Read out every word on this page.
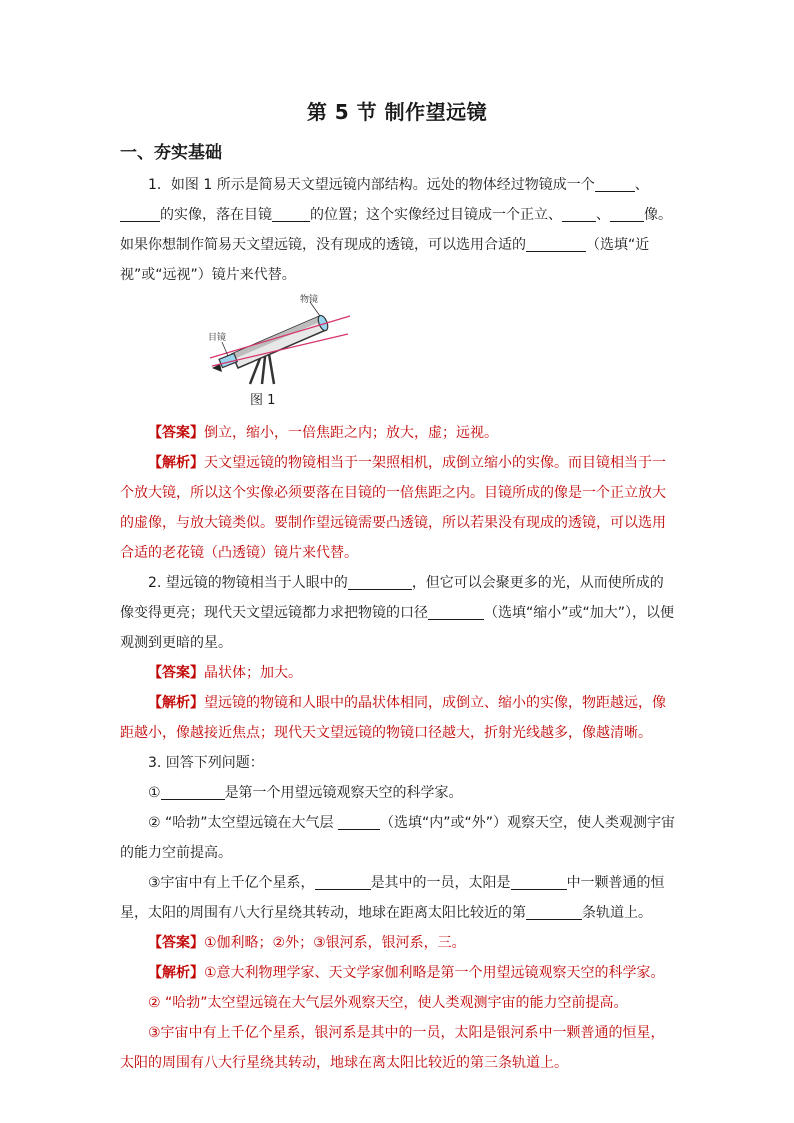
第 5 节 制作望远镜
一、夯实基础

1．如图 1 所示是简易天文望远镜内部结构。远处的物体经过物镜成一个	、的实像，落在目镜	的位置；这个实像经过目镜成一个正立、 、 像。如果你想制作简易天文望远镜，没有现成的透镜，可以选用合适的	（选填“近视”或“远视”）镜片来代替。

物镜
目镜
图 1

【答案】倒立，缩小，一倍焦距之内；放大，虚；远视。

【解析】天文望远镜的物镜相当于一架照相机，成倒立缩小的实像。而目镜相当于一个放大镜，所以这个实像必须要落在目镜的一倍焦距之内。目镜所成的像是一个正立放大的虚像，与放大镜类似。要制作望远镜需要凸透镜，所以若果没有现成的透镜，可以选用合适的老花镜（凸透镜）镜片来代替。

2. 望远镜的物镜相当于人眼中的	，但它可以会聚更多的光，从而使所成的像变得更亮；现代天文望远镜都力求把物镜的口径	（选填“缩小”或“加大”），以便观测到更暗的星。

【答案】晶状体；加大。

【解析】望远镜的物镜和人眼中的晶状体相同，成倒立、缩小的实像，物距越远，像距越小，像越接近焦点；现代天文望远镜的物镜口径越大，折射光线越多，像越清晰。

3. 回答下列问题：

①	是第一个用望远镜观察天空的科学家。

② “哈勃”太空望远镜在大气层	（选填“内”或“外”）观察天空，使人类观测宇宙的能力空前提高。

③宇宙中有上千亿个星系，	是其中的一员，太阳是	中一颗普通的恒星，太阳的周围有八大行星绕其转动，地球在距离太阳比较近的第	条轨道上。

【答案】①伽利略；②外；③银河系，银河系，三。

【解析】①意大利物理学家、天文学家伽利略是第一个用望远镜观察天空的科学家。

② “哈勃”太空望远镜在大气层外观察天空，使人类观测宇宙的能力空前提高。

③宇宙中有上千亿个星系，银河系是其中的一员，太阳是银河系中一颗普通的恒星，太阳的周围有八大行星绕其转动，地球在离太阳比较近的第三条轨道上。
